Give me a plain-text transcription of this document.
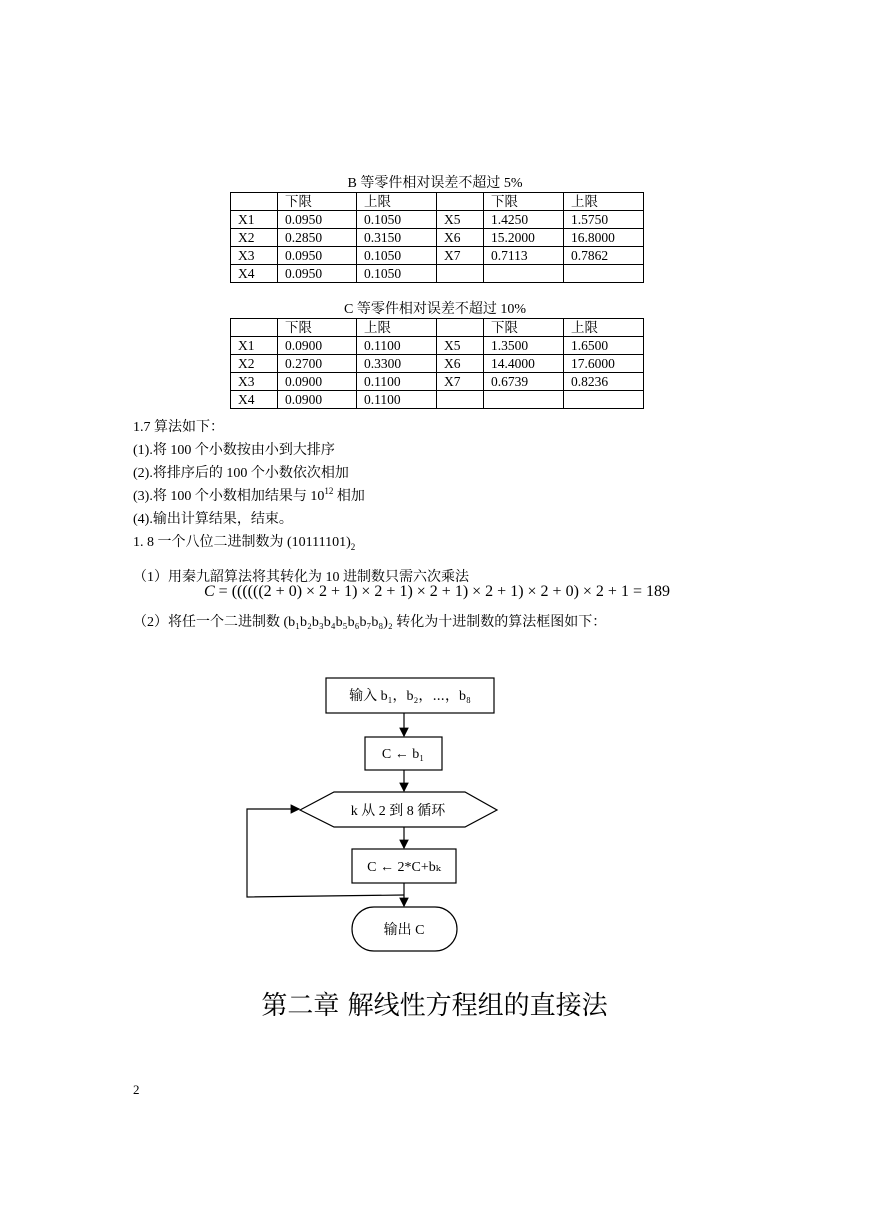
B 等零件相对误差不超过 5%
	下限	上限		下限	上限
X1	0.0950	0.1050	X5	1.4250	1.5750
X2	0.2850	0.3150	X6	15.2000	16.8000
X3	0.0950	0.1050	X7	0.7113	0.7862
X4	0.0950	0.1050			
C 等零件相对误差不超过 10%
	下限	上限		下限	上限
X1	0.0900	0.1100	X5	1.3500	1.6500
X2	0.2700	0.3300	X6	14.4000	17.6000
X3	0.0900	0.1100	X7	0.6739	0.8236
X4	0.0900	0.1100			
1.7 算法如下：
(1).将 100 个小数按由小到大排序
(2).将排序后的 100 个小数依次相加
(3).将 100 个小数相加结果与 $10^{12}$ 相加
(4).输出计算结果，结束。
1. 8 一个八位二进制数为 $(10111101)_2$
（1）用秦九韶算法将其转化为 10 进制数只需六次乘法
C = ((((((2 + 0) × 2 + 1) × 2 + 1) × 2 + 1) × 2 + 1) × 2 + 0) × 2 + 1 = 189
（2）将任一个二进制数 (b₁b₂b₃b₄b₅b₆b₇b₈)₂ 转化为十进制数的算法框图如下：
输入 b₁，b₂，⋯，b₈
C ← b₁
k 从 2 到 8 循环
C ← 2*C+bₖ
输出 C
第二章 解线性方程组的直接法
2
